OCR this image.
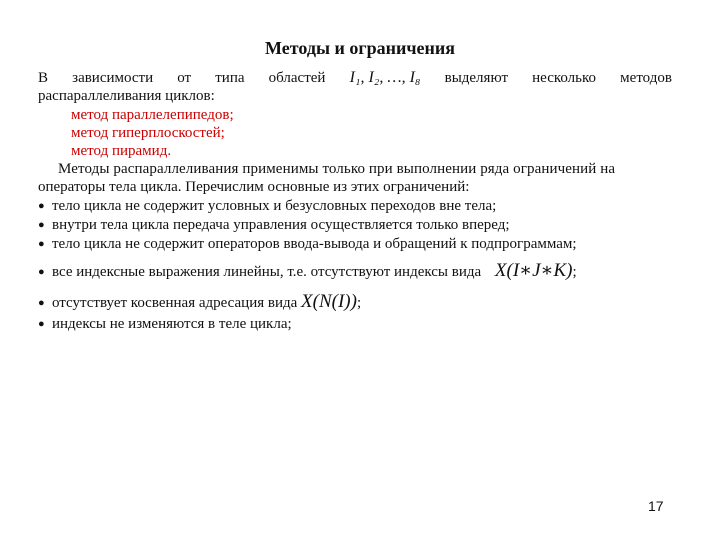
Методы и ограничения
В зависимости от типа областей I₁, I₂, …, I₈ выделяют несколько методов
распараллеливания циклов:
метод параллелепипедов;
метод гиперплоскостей;
метод пирамид.
Методы распараллеливания применимы только при выполнении ряда ограничений на
операторы тела цикла. Перечислим основные из этих ограничений:
● тело цикла не содержит условных и безусловных переходов вне тела;
● внутри тела цикла передача управления осуществляется только вперед;
● тело цикла не содержит операторов ввода-вывода и обращений к подпрограммам;
● все индексные выражения линейны, т.е. отсутствуют индексы вида X(I∗J∗K);
● отсутствует косвенная адресация вида X(N(I));
● индексы не изменяются в теле цикла;
17
